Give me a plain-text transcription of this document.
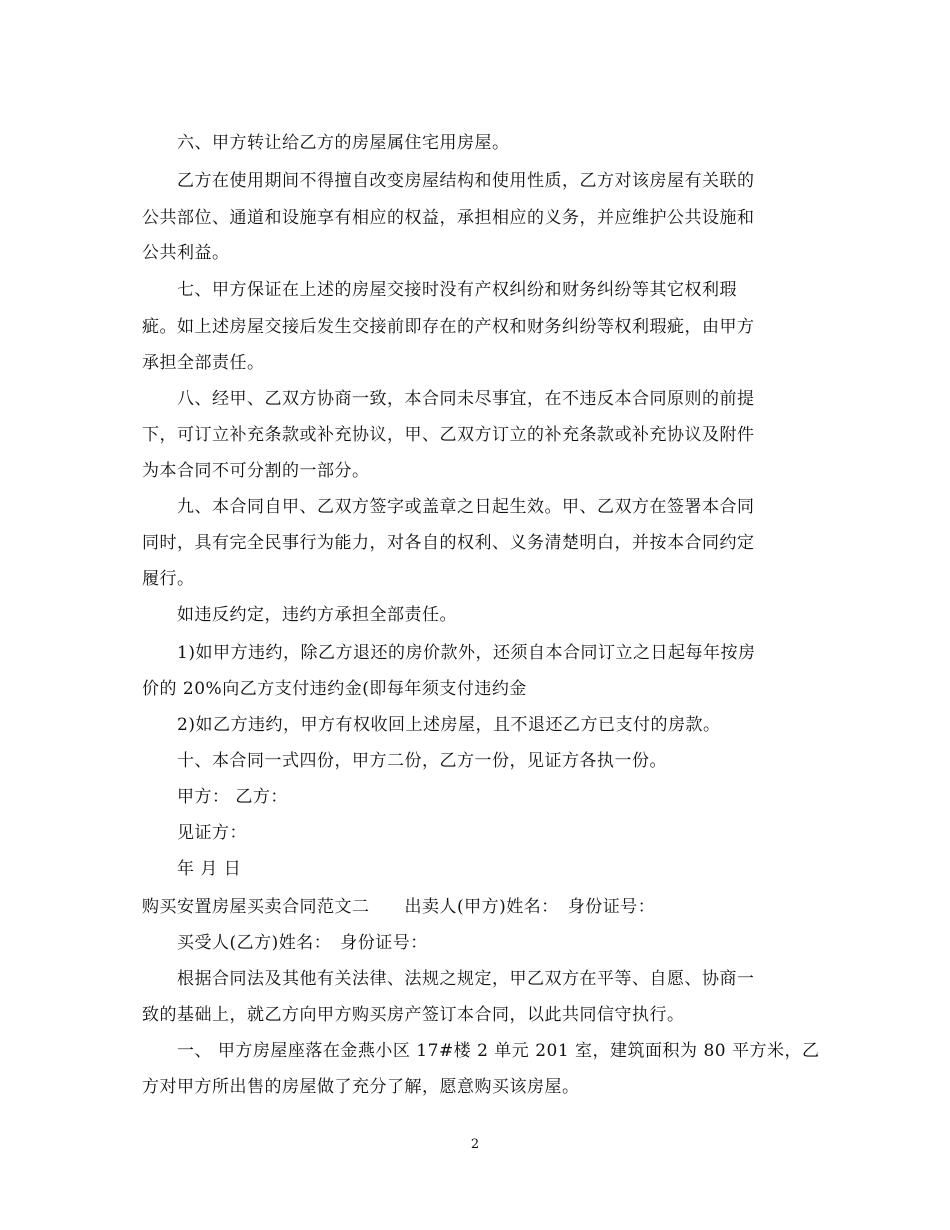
六、甲方转让给乙方的房屋属住宅用房屋。
乙方在使用期间不得擅自改变房屋结构和使用性质，乙方对该房屋有关联的
公共部位、通道和设施享有相应的权益，承担相应的义务，并应维护公共设施和
公共利益。
七、甲方保证在上述的房屋交接时没有产权纠纷和财务纠纷等其它权利瑕
疵。如上述房屋交接后发生交接前即存在的产权和财务纠纷等权利瑕疵，由甲方
承担全部责任。
八、经甲、乙双方协商一致，本合同未尽事宜，在不违反本合同原则的前提
下，可订立补充条款或补充协议，甲、乙双方订立的补充条款或补充协议及附件
为本合同不可分割的一部分。
九、本合同自甲、乙双方签字或盖章之日起生效。甲、乙双方在签署本合同
同时，具有完全民事行为能力，对各自的权利、义务清楚明白，并按本合同约定
履行。
如违反约定，违约方承担全部责任。
1)如甲方违约，除乙方退还的房价款外，还须自本合同订立之日起每年按房
价的 20%向乙方支付违约金(即每年须支付违约金
2)如乙方违约，甲方有权收回上述房屋，且不退还乙方已支付的房款。
十、本合同一式四份，甲方二份，乙方一份，见证方各执一份。
甲方： 乙方：
见证方：
年 月 日
购买安置房屋买卖合同范文二　　出卖人(甲方)姓名：　身份证号：
买受人(乙方)姓名：　身份证号：
根据合同法及其他有关法律、法规之规定，甲乙双方在平等、自愿、协商一
致的基础上，就乙方向甲方购买房产签订本合同，以此共同信守执行。
一、 甲方房屋座落在金燕小区 17#楼 2 单元 201 室，建筑面积为 80 平方米，乙
方对甲方所出售的房屋做了充分了解，愿意购买该房屋。
2
